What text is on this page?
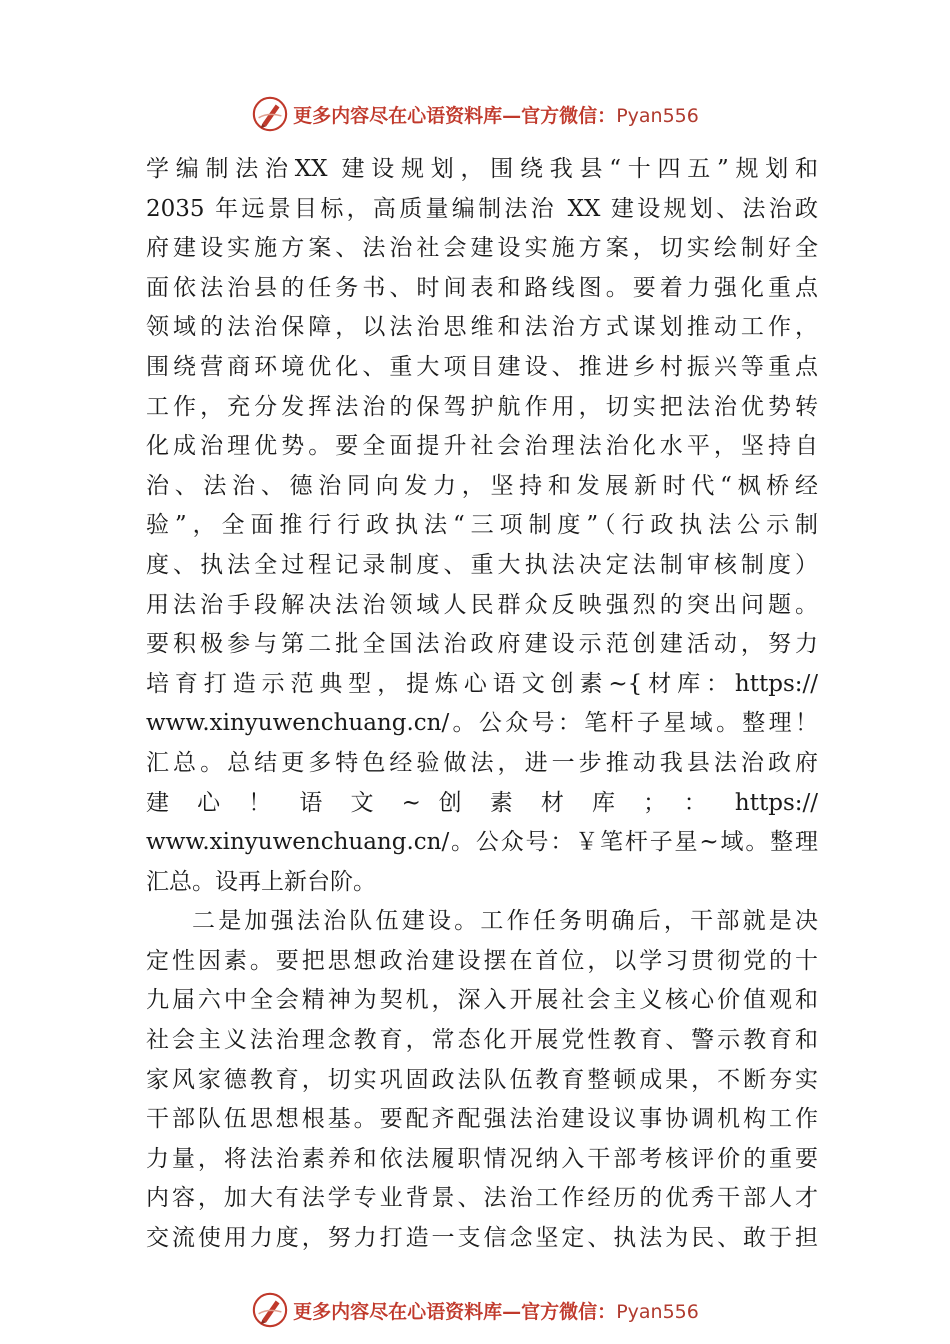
更多内容尽在心语资料库—官方微信：Pyan556
学编制法治XX 建设规划，围绕我县“十四五”规划和
2035 年远景目标，高质量编制法治 XX 建设规划、法治政
府建设实施方案、法治社会建设实施方案，切实绘制好全
面依法治县的任务书、时间表和路线图。要着力强化重点
领域的法治保障，以法治思维和法治方式谋划推动工作，
围绕营商环境优化、重大项目建设、推进乡村振兴等重点
工作，充分发挥法治的保驾护航作用，切实把法治优势转
化成治理优势。要全面提升社会治理法治化水平，坚持自
治、法治、德治同向发力，坚持和发展新时代“枫桥经
验”，全面推行行政执法“三项制度”（行政执法公示制
度、执法全过程记录制度、重大执法决定法制审核制度）
用法治手段解决法治领域人民群众反映强烈的突出问题。
要积极参与第二批全国法治政府建设示范创建活动，努力
培育打造示范典型，提炼心语文创素~{材库：https://
www.xinyuwenchuang.cn/。公众号：笔杆子星域。整理！
汇总。总结更多特色经验做法，进一步推动我县法治政府
建 心 ！ 语 文 ~ 创 素 材 库 ； ： https://
www.xinyuwenchuang.cn/。公众号：￥笔杆子星~域。整理
汇总。设再上新台阶。
二是加强法治队伍建设。工作任务明确后，干部就是决
定性因素。要把思想政治建设摆在首位，以学习贯彻党的十
九届六中全会精神为契机，深入开展社会主义核心价值观和
社会主义法治理念教育，常态化开展党性教育、警示教育和
家风家德教育，切实巩固政法队伍教育整顿成果，不断夯实
干部队伍思想根基。要配齐配强法治建设议事协调机构工作
力量，将法治素养和依法履职情况纳入干部考核评价的重要
内容，加大有法学专业背景、法治工作经历的优秀干部人才
交流使用力度，努力打造一支信念坚定、执法为民、敢于担
更多内容尽在心语资料库—官方微信：Pyan556
